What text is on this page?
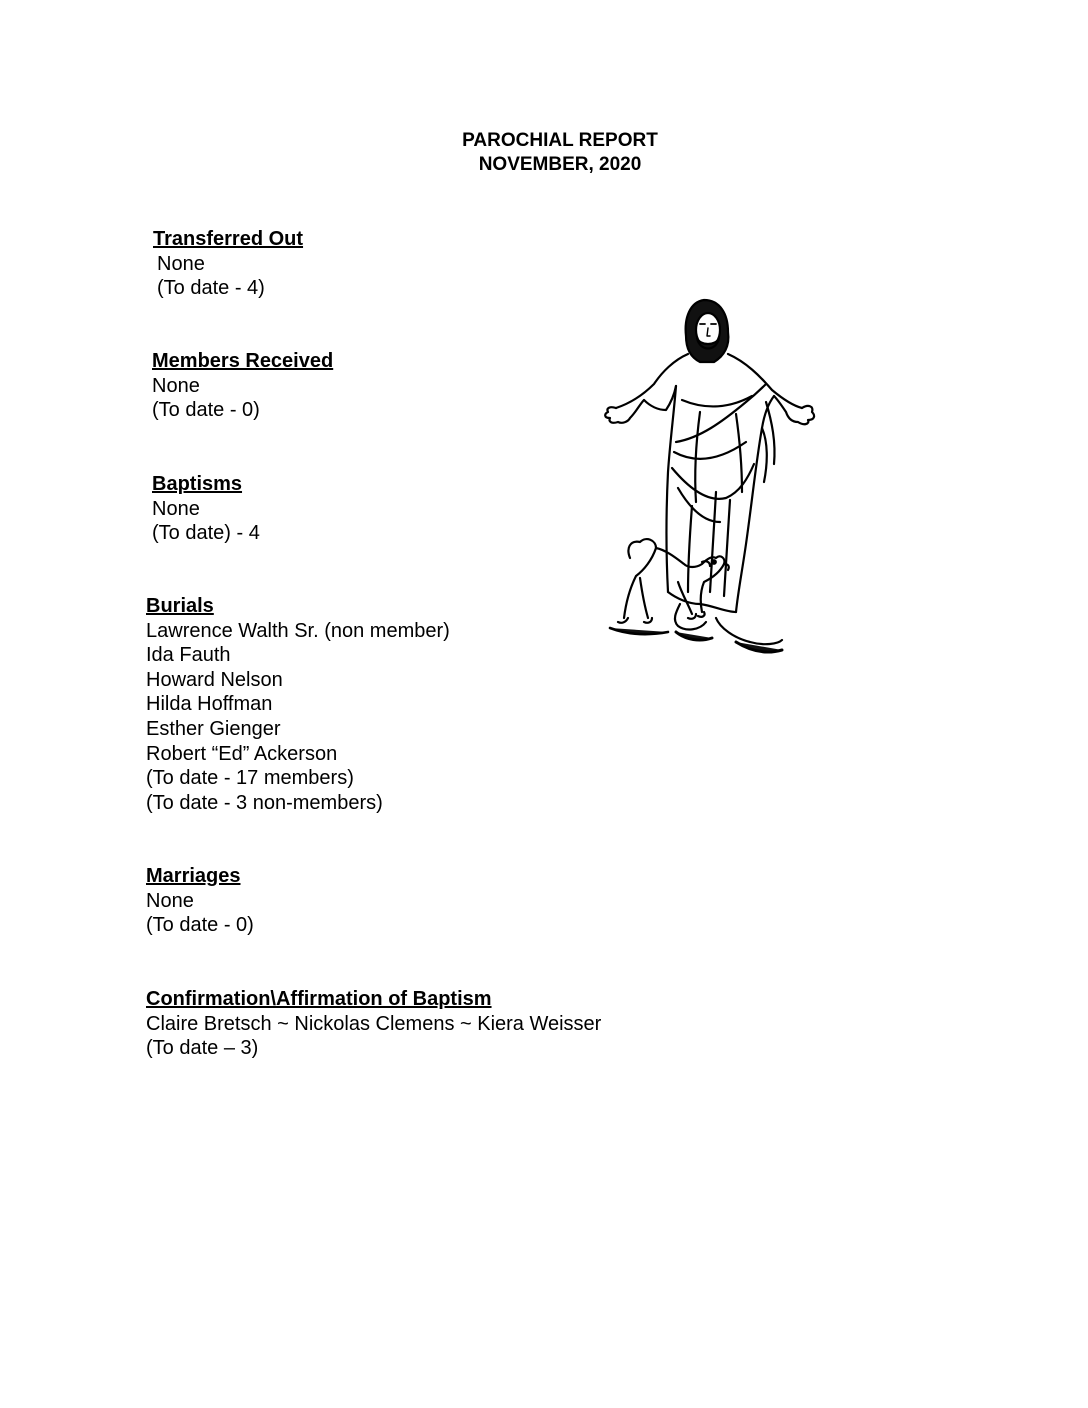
PAROCHIAL REPORT
NOVEMBER, 2020
Transferred Out
None
(To date - 4)
Members Received
None
(To date - 0)
Baptisms
None
(To date) - 4
Burials
Lawrence Walth Sr. (non member)
Ida Fauth
Howard Nelson
Hilda Hoffman
Esther Gienger
Robert “Ed” Ackerson
(To date - 17 members)
(To date - 3 non-members)
Marriages
None
(To date - 0)
Confirmation\Affirmation of Baptism
Claire Bretsch ~ Nickolas Clemens ~ Kiera Weisser
(To date – 3)
